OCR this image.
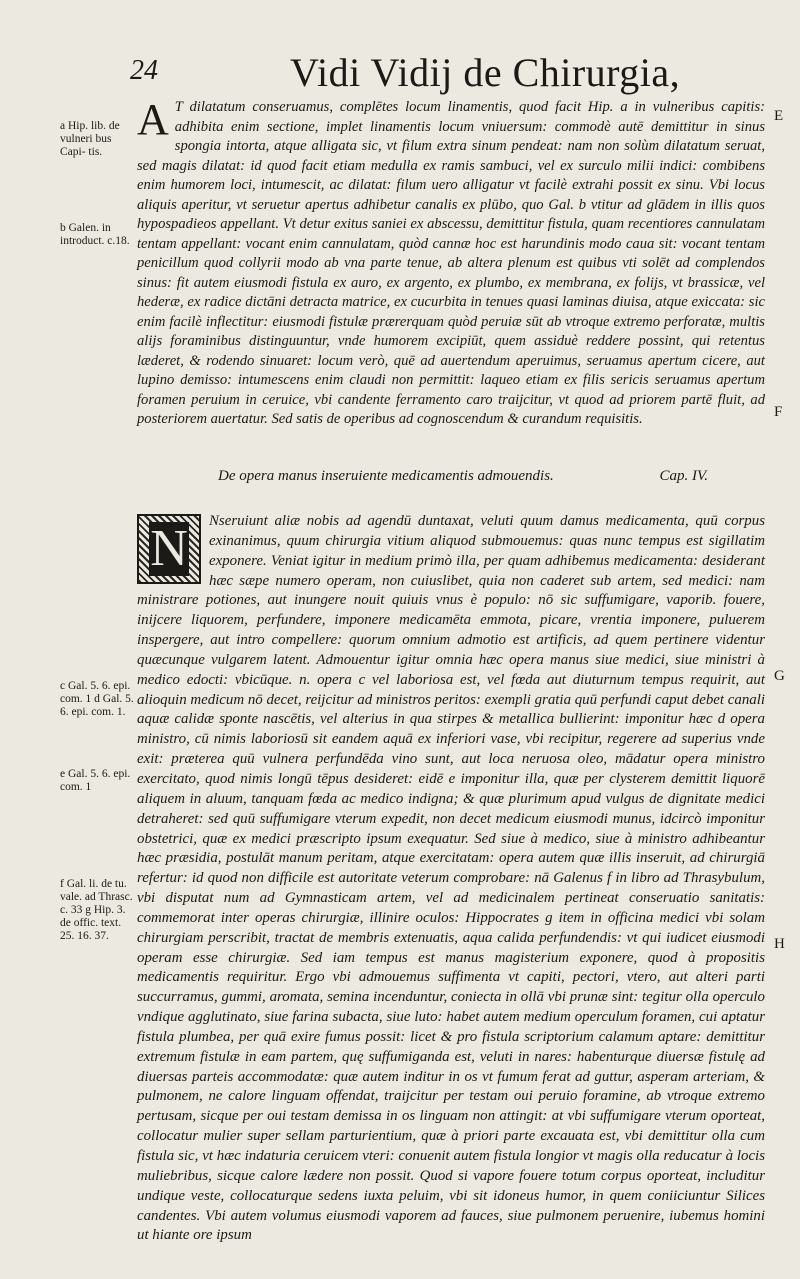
24	Vidi Vidij de Chirurgia,
a Hip. lib. de vulneri bus Capi- tis.
b Galen. in introduct. c.18.
c Gal. 5. 6. epi. com. 1 d Gal. 5. 6. epi. com. 1.
e Gal. 5. 6. epi. com. 1
f Gal. li. de tu. vale. ad Thrasc. c. 33 g Hip. 3. de offic. text. 25. 16. 37.
E
F
G
H
A T dilatatum conseruamus, complētes locum linamentis, quod facit Hip. a in vulneribus capitis: adhibita enim sectione, implet linamentis locum vniuersum: commodè autē demittitur in sinus spongia intorta, atque alligata sic, vt filum extra sinum pendeat: nam non solùm dilatatum seruat, sed magis dilatat: id quod facit etiam medulla ex ramis sambuci, vel ex surculo milii indici: combibens enim humorem loci, intumescit, ac dilatat: filum uero alligatur vt facilè extrahi possit ex sinu. Vbi locus aliquis aperitur, vt seruetur apertus adhibetur canalis ex plūbo, quo Gal. b vtitur ad glādem in illis quos hypospadieos appellant. Vt detur exitus saniei ex abscessu, demittitur fistula, quam recentiores cannulatam tentam appellant: vocant enim cannulatam, quòd cannæ hoc est harundinis modo caua sit: vocant tentam penicillum quod collyrii modo ab vna parte tenue, ab altera plenum est quibus vti solēt ad complendos sinus: fit autem eiusmodi fistula ex auro, ex argento, ex plumbo, ex membrana, ex folijs, vt brassicæ, vel hederæ, ex radice dictāni detracta matrice, ex cucurbita in tenues quasi laminas diuisa, atque exiccata: sic enim facilè inflectitur: eiusmodi fistulæ prærerquam quòd peruiæ sūt ab vtroque extremo perforatæ, multis alijs foraminibus distinguuntur, vnde humorem excipiūt, quem assiduè reddere possint, qui retentus læderet, & rodendo sinuaret: locum verò, quē ad auertendum aperuimus, seruamus apertum cicere, aut lupino demisso: intumescens enim claudi non permittit: laqueo etiam ex filis sericis seruamus apertum foramen peruium in ceruice, vbi candente ferramento caro traijcitur, vt quod ad priorem partē fluit, ad posteriorem auertatur. Sed satis de operibus ad cognoscendum & curandum requisitis.
De opera manus inseruiente medicamentis admouendis.	Cap. IV.
N Nseruiunt aliæ nobis ad agendū duntaxat, veluti quum damus medicamenta, quū corpus exinanimus, quum chirurgia vitium aliquod submouemus: quas nunc tempus est sigillatim exponere. Veniat igitur in medium primò illa, per quam adhibemus medicamenta: desiderant hæc sæpe numero operam, non cuiuslibet, quia non caderet sub artem, sed medici: nam ministrare potiones, aut inungere nouit quiuis vnus è populo: nō sic suffumigare, vaporib. fouere, inijcere liquorem, perfundere, imponere medicamēta emmota, picare, vrentia imponere, puluerem inspergere, aut intro compellere: quorum omnium admotio est artificis, ad quem pertinere videntur quæcunque vulgarem latent. Admouentur igitur omnia hæc opera manus siue medici, siue ministri à medico edocti: vbicūque. n. opera c vel laboriosa est, vel fœda aut diuturnum tempus requirit, aut alioquin medicum nō decet, reijcitur ad ministros peritos: exempli gratia quū perfundi caput debet canali aquæ calidæ sponte nascētis, vel alterius in qua stirpes & metallica bullierint: imponitur hæc d opera ministro, cū nimis laboriosū sit eandem aquā ex inferiori vase, vbi recipitur, regerere ad superius vnde exit: præterea quū vulnera perfundēda vino sunt, aut loca neruosa oleo, mādatur opera ministro exercitato, quod nimis longū tēpus desideret: eidē e imponitur illa, quæ per clysterem demittit liquorē aliquem in aluum, tanquam fœda ac medico indigna; & quæ plurimum apud vulgus de dignitate medici detraheret: sed quū suffumigare vterum expedit, non decet medicum eiusmodi munus, idcircò imponitur obstetrici, quæ ex medici præscripto ipsum exequatur. Sed siue à medico, siue à ministro adhibeantur hæc præsidia, postulāt manum peritam, atque exercitatam: opera autem quæ illis inseruit, ad chirurgiā refertur: id quod non difficile est autoritate veterum comprobare: nā Galenus f in libro ad Thrasybulum, vbi disputat num ad Gymnasticam artem, vel ad medicinalem pertineat conseruatio sanitatis: commemorat inter operas chirurgiæ, illinire oculos: Hippocrates g item in officina medici vbi solam chirurgiam perscribit, tractat de membris extenuatis, aqua calida perfundendis: vt qui iudicet eiusmodi operam esse chirurgiæ. Sed iam tempus est manus magisterium exponere, quod à propositis medicamentis requiritur. Ergo vbi admouemus suffimenta vt capiti, pectori, vtero, aut alteri parti succurramus, gummi, aromata, semina incenduntur, coniecta in ollā vbi prunæ sint: tegitur olla operculo vndique agglutinato, siue farina subacta, siue luto: habet autem medium operculum foramen, cui aptatur fistula plumbea, per quā exire fumus possit: licet & pro fistula scriptorium calamum aptare: demittitur extremum fistulæ in eam partem, quę suffumiganda est, veluti in nares: habenturque diuersæ fistulę ad diuersas parteis accommodatæ: quæ autem inditur in os vt fumum ferat ad guttur, asperam arteriam, & pulmonem, ne calore linguam offendat, traijcitur per testam oui peruio foramine, ab vtroque extremo pertusam, sicque per oui testam demissa in os linguam non attingit: at vbi suffumigare vterum oporteat, collocatur mulier super sellam parturientium, quæ à priori parte excauata est, vbi demittitur olla cum fistula sic, vt hæc indaturia ceruicem vteri: conuenit autem fistula longior vt magis olla reducatur à locis muliebribus, sicque calore lædere non possit. Quod si vapore fouere totum corpus oporteat, includitur undique veste, collocaturque sedens iuxta peluim, vbi sit idoneus humor, in quem coniiciuntur Silices candentes. Vbi autem volumus eiusmodi vaporem ad fauces, siue pulmonem peruenire, iubemus homini ut hiante ore ipsum
